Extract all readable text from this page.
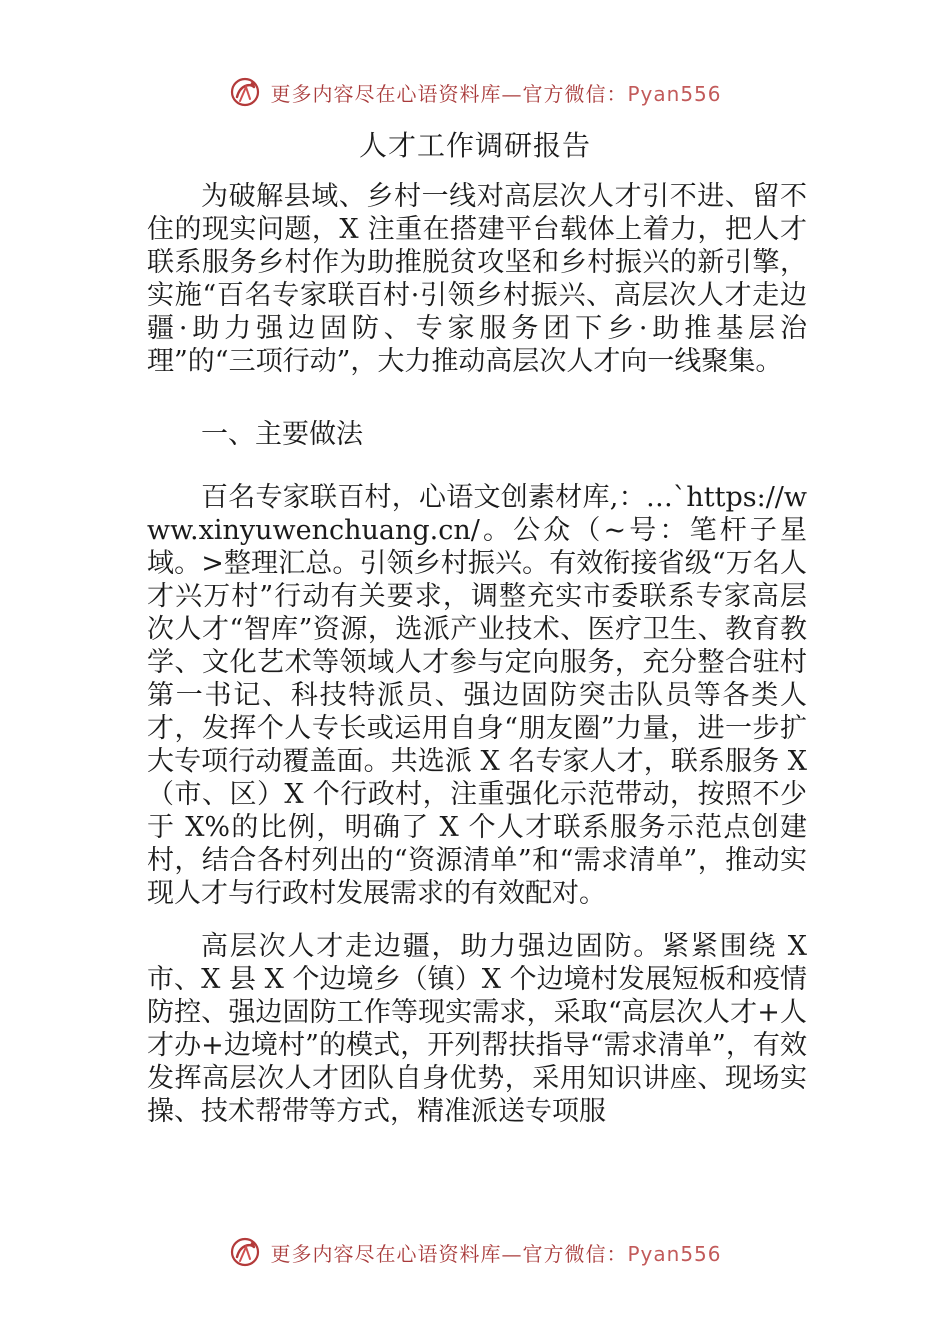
更多内容尽在心语资料库—官方微信：Pyan556
人才工作调研报告

为破解县域、乡村一线对高层次人才引不进、留不住的现实问题，X 注重在搭建平台载体上着力，把人才联系服务乡村作为助推脱贫攻坚和乡村振兴的新引擎，实施“百名专家联百村·引领乡村振兴、高层次人才走边疆·助力强边固防、专家服务团下乡·助推基层治理”的“三项行动”，大力推动高层次人才向一线聚集。

一、主要做法

百名专家联百村，心语文创素材库,：…`https://www.xinyuwenchuang.cn/。公众（~号：笔杆子星域。>整理汇总。引领乡村振兴。有效衔接省级“万名人才兴万村”行动有关要求，调整充实市委联系专家高层次人才“智库”资源，选派产业技术、医疗卫生、教育教学、文化艺术等领域人才参与定向服务，充分整合驻村第一书记、科技特派员、强边固防突击队员等各类人才，发挥个人专长或运用自身“朋友圈”力量，进一步扩大专项行动覆盖面。共选派 X 名专家人才，联系服务 X（市、区）X 个行政村，注重强化示范带动，按照不少于 X%的比例，明确了 X 个人才联系服务示范点创建村，结合各村列出的“资源清单”和“需求清单”，推动实现人才与行政村发展需求的有效配对。

高层次人才走边疆，助力强边固防。紧紧围绕 X 市、X 县 X 个边境乡（镇）X 个边境村发展短板和疫情防控、强边固防工作等现实需求，采取“高层次人才+人才办+边境村”的模式，开列帮扶指导“需求清单”，有效发挥高层次人才团队自身优势，采用知识讲座、现场实操、技术帮带等方式，精准派送专项服

更多内容尽在心语资料库—官方微信：Pyan556
